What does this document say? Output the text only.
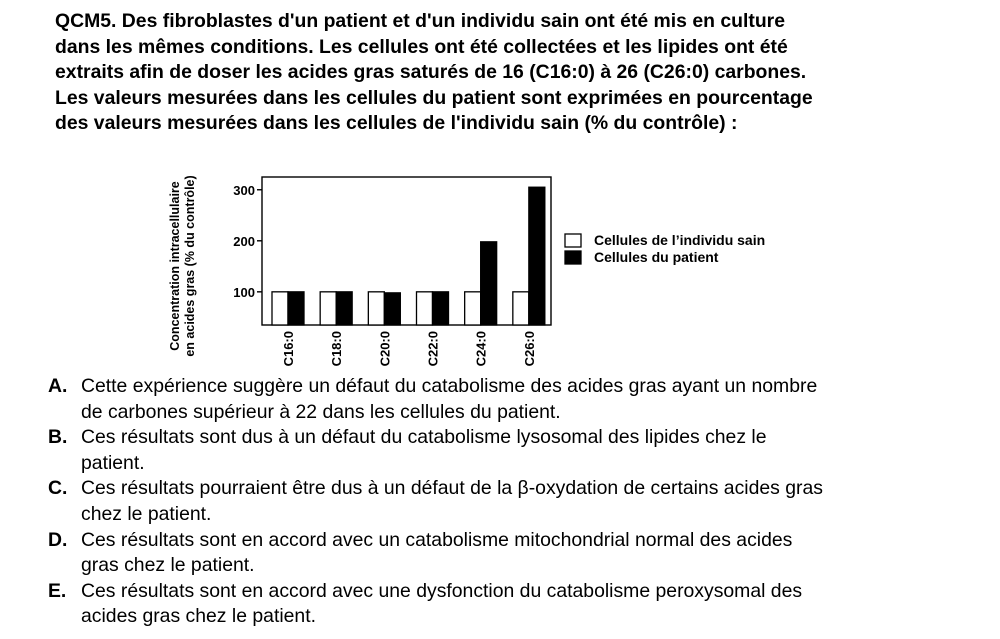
QCM5. Des fibroblastes d'un patient et d'un individu sain ont été mis en culture
dans les mêmes conditions. Les cellules ont été collectées et les lipides ont été
extraits afin de doser les acides gras saturés de 16 (C16:0) à 26 (C26:0) carbones.
Les valeurs mesurées dans les cellules du patient sont exprimées en pourcentage
des valeurs mesurées dans les cellules de l'individu sain (% du contrôle) :
Concentration intracellulaire en acides gras (% du contrôle)	100
200
300
C16:0	C18:0	C20:0	C22:0	C24:0	C26:0
Cellules de l’individu sain
Cellules du patient
A. Cette expérience suggère un défaut du catabolisme des acides gras ayant un nombre
de carbones supérieur à 22 dans les cellules du patient.
B. Ces résultats sont dus à un défaut du catabolisme lysosomal des lipides chez le
patient.
C. Ces résultats pourraient être dus à un défaut de la β-oxydation de certains acides gras
chez le patient.
D. Ces résultats sont en accord avec un catabolisme mitochondrial normal des acides
gras chez le patient.
E. Ces résultats sont en accord avec une dysfonction du catabolisme peroxysomal des
acides gras chez le patient.
